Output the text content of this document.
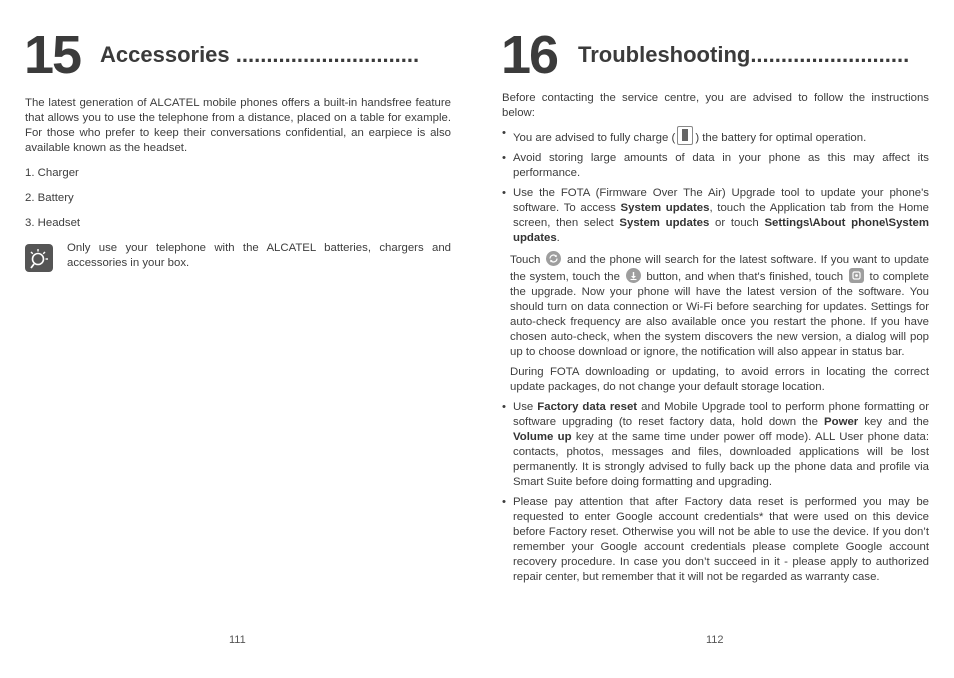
15 Accessories ..............................
The latest generation of ALCATEL mobile phones offers a built-in handsfree feature that allows you to use the telephone from a distance, placed on a table for example. For those who prefer to keep their conversations confidential, an earpiece is also available known as the headset.
1. Charger
2. Battery
3. Headset
Only use your telephone with the ALCATEL batteries, chargers and accessories in your box.
111
16 Troubleshooting..........................

Before contacting the service centre, you are advised to follow the instructions below:

• You are advised to fully charge ( ) the battery for optimal operation.
• Avoid storing large amounts of data in your phone as this may affect its performance.
• Use the FOTA (Firmware Over The Air) Upgrade tool to update your phone's software. To access System updates, touch the Application tab from the Home screen, then select System updates or touch Settings\About phone\System updates.

Touch
and the phone will search for the latest software. If you want to update the system, touch the
button, and when that's finished, touch
to complete the upgrade. Now your phone will have the latest version of the software. You should turn on data connection or Wi-Fi before searching for updates. Settings for auto-check frequency are also available once you restart the phone. If you have chosen auto-check, when the system discovers the new version, a dialog will pop up to choose download or ignore, the notification will also appear in status bar.

During FOTA downloading or updating, to avoid errors in locating the correct update packages, do not change your default storage location.

• Use Factory data reset and Mobile Upgrade tool to perform phone formatting or software upgrading (to reset factory data, hold down the Power key and the Volume up key at the same time under power off mode). ALL User phone data: contacts, photos, messages and files, downloaded applications will be lost permanently. It is strongly advised to fully back up the phone data and profile via Smart Suite before doing formatting and upgrading.
• Please pay attention that after Factory data reset is performed you may be requested to enter Google account credentials* that were used on this device before Factory reset. Otherwise you will not be able to use the device. If you don’t remember your Google account credentials please complete Google account recovery procedure. In case you don’t succeed in it - please apply to authorized repair center, but remember that it will not be regarded as warranty case.
112
